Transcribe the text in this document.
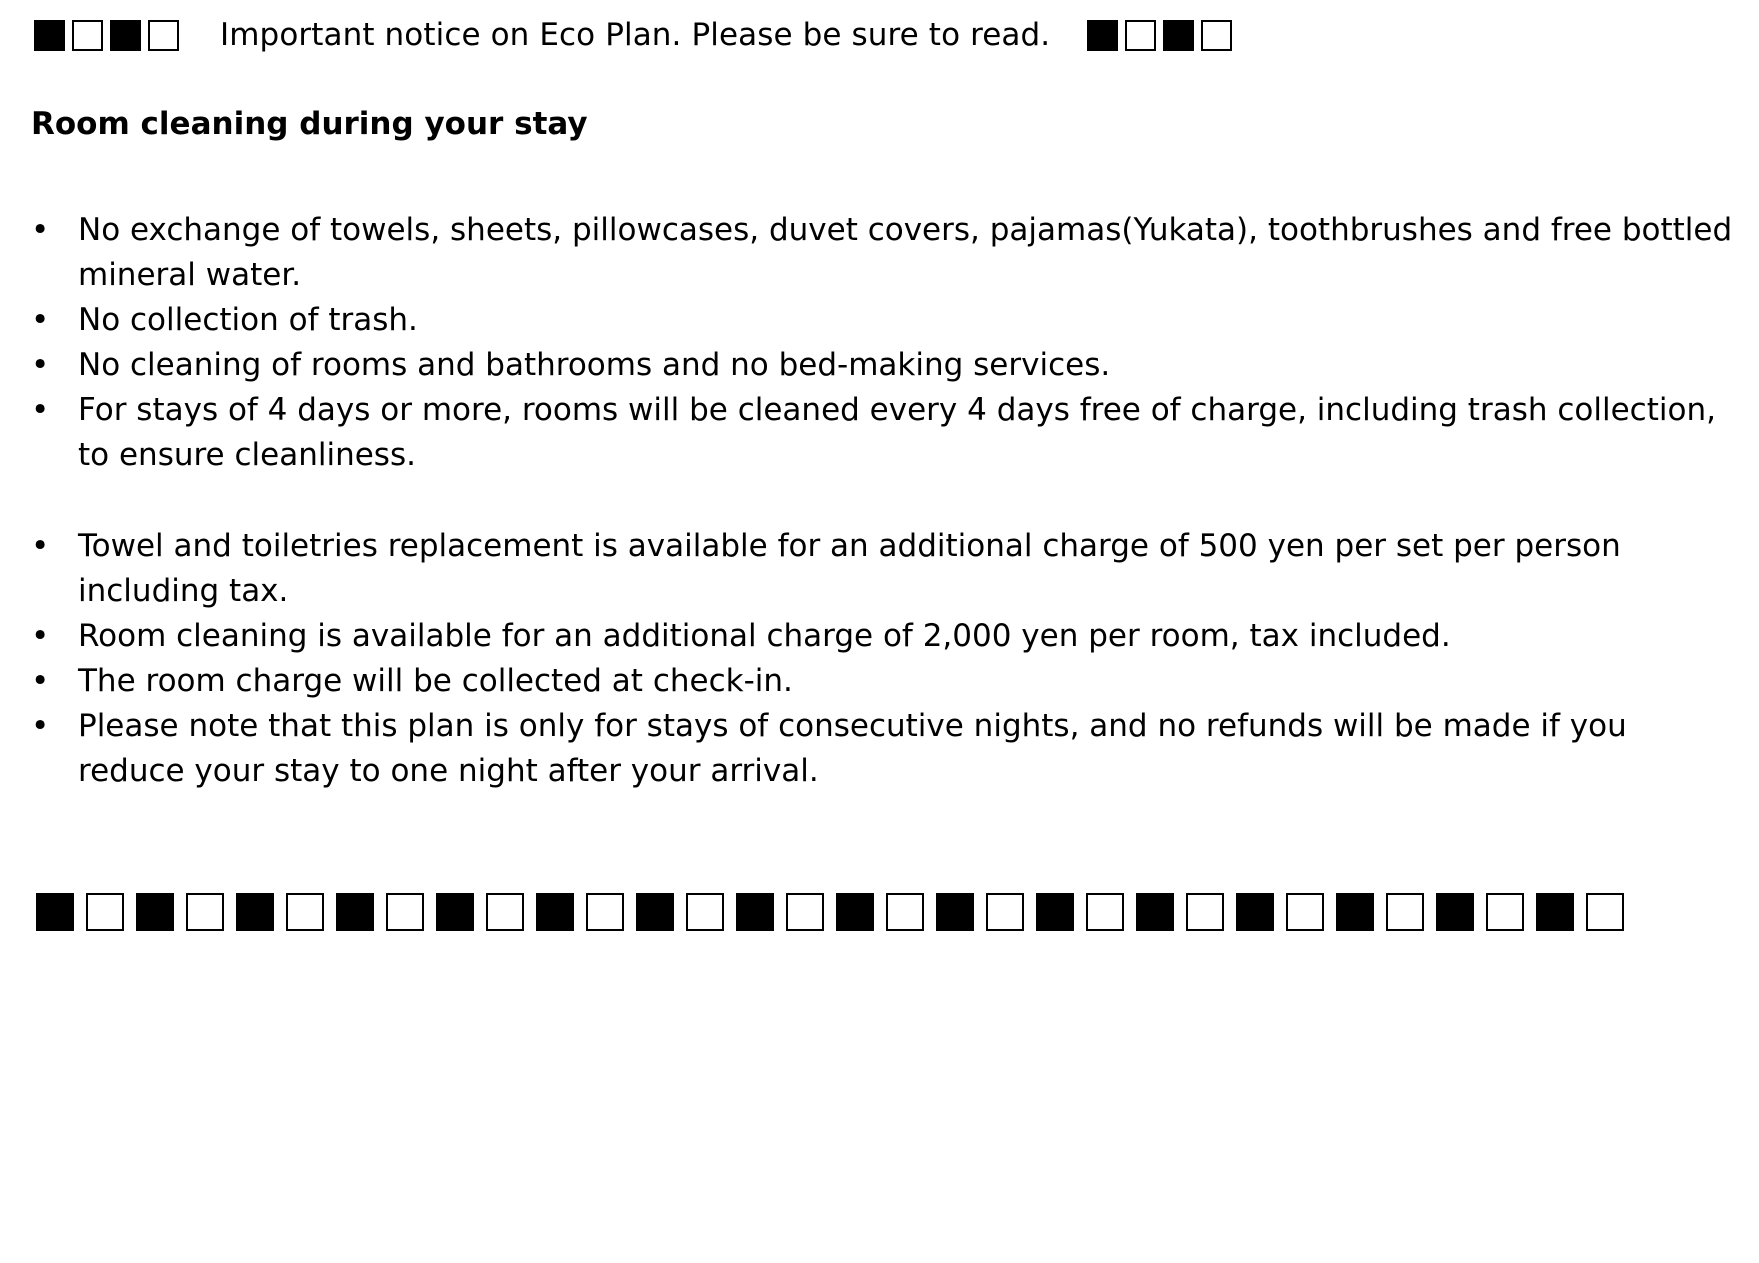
Important notice on Eco Plan. Please be sure to read.
Room cleaning during your stay
• No exchange of towels, sheets, pillowcases, duvet covers, pajamas(Yukata), toothbrushes and free bottled mineral water.
• No collection of trash.
• No cleaning of rooms and bathrooms and no bed-making services.
• For stays of 4 days or more, rooms will be cleaned every 4 days free of charge, including trash collection, to ensure cleanliness.
• Towel and toiletries replacement is available for an additional charge of 500 yen per set per person including tax.
• Room cleaning is available for an additional charge of 2,000 yen per room, tax included.
• The room charge will be collected at check-in.
• Please note that this plan is only for stays of consecutive nights, and no refunds will be made if you reduce your stay to one night after your arrival.
